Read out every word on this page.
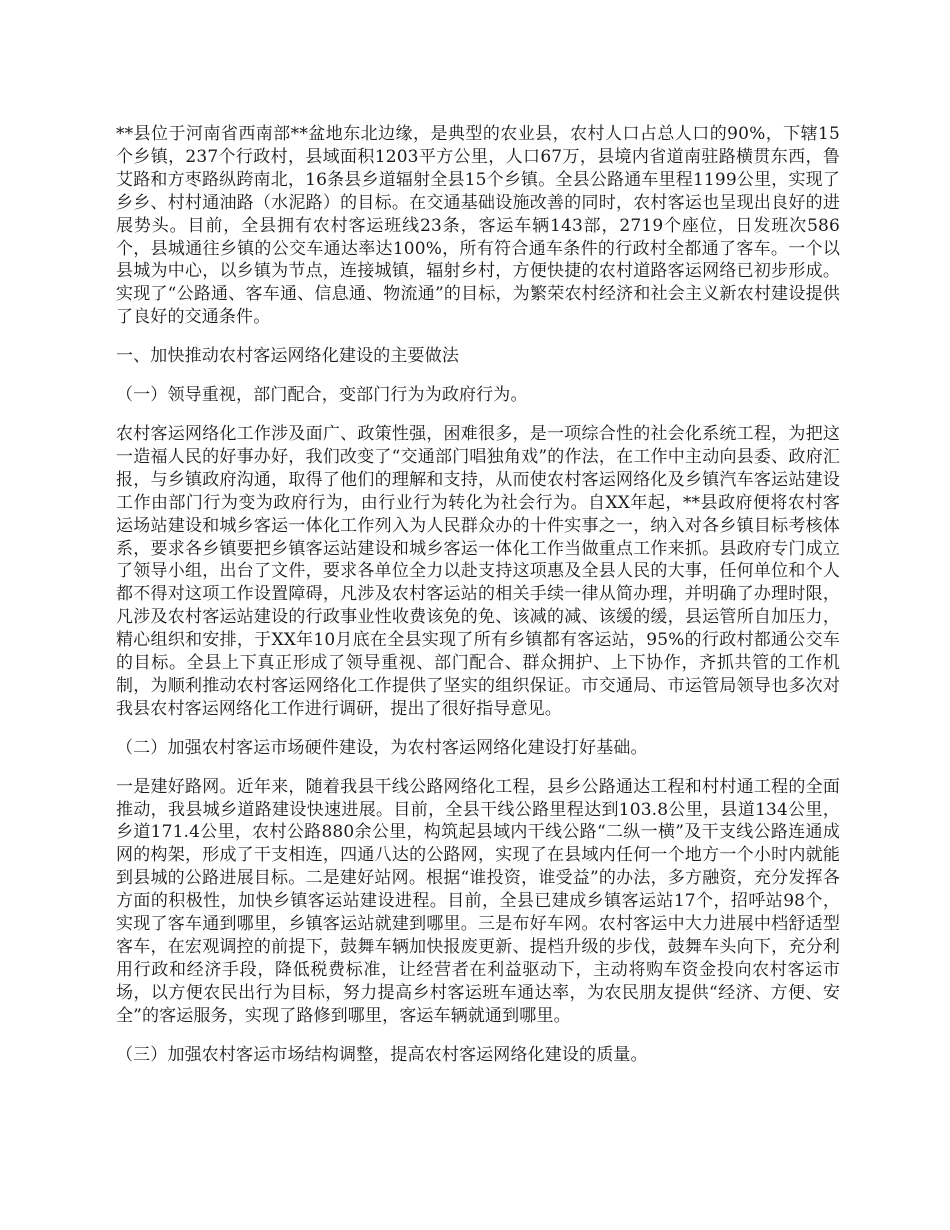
**县位于河南省西南部**盆地东北边缘，是典型的农业县，农村人口占总人口的90%，下辖15个乡镇，237个行政村，县域面积1203平方公里，人口67万，县境内省道南驻路横贯东西，鲁艾路和方枣路纵跨南北，16条县乡道辐射全县15个乡镇。全县公路通车里程1199公里，实现了乡乡、村村通油路（水泥路）的目标。在交通基础设施改善的同时，农村客运也呈现出良好的进展势头。目前，全县拥有农村客运班线23条，客运车辆143部，2719个座位，日发班次586个，县城通往乡镇的公交车通达率达100%，所有符合通车条件的行政村全都通了客车。一个以县城为中心，以乡镇为节点，连接城镇，辐射乡村，方便快捷的农村道路客运网络已初步形成。实现了“公路通、客车通、信息通、物流通”的目标，为繁荣农村经济和社会主义新农村建设提供了良好的交通条件。

一、加快推动农村客运网络化建设的主要做法

（一）领导重视，部门配合，变部门行为为政府行为。

农村客运网络化工作涉及面广、政策性强，困难很多，是一项综合性的社会化系统工程，为把这一造福人民的好事办好，我们改变了“交通部门唱独角戏”的作法，在工作中主动向县委、政府汇报，与乡镇政府沟通，取得了他们的理解和支持，从而使农村客运网络化及乡镇汽车客运站建设工作由部门行为变为政府行为，由行业行为转化为社会行为。自XX年起，**县政府便将农村客运场站建设和城乡客运一体化工作列入为人民群众办的十件实事之一，纳入对各乡镇目标考核体系，要求各乡镇要把乡镇客运站建设和城乡客运一体化工作当做重点工作来抓。县政府专门成立了领导小组，出台了文件，要求各单位全力以赴支持这项惠及全县人民的大事，任何单位和个人都不得对这项工作设置障碍，凡涉及农村客运站的相关手续一律从简办理，并明确了办理时限，凡涉及农村客运站建设的行政事业性收费该免的免、该减的减、该缓的缓，县运管所自加压力，精心组织和安排，于XX年10月底在全县实现了所有乡镇都有客运站，95%的行政村都通公交车的目标。全县上下真正形成了领导重视、部门配合、群众拥护、上下协作，齐抓共管的工作机制，为顺利推动农村客运网络化工作提供了坚实的组织保证。市交通局、市运管局领导也多次对我县农村客运网络化工作进行调研，提出了很好指导意见。

（二）加强农村客运市场硬件建设，为农村客运网络化建设打好基础。

一是建好路网。近年来，随着我县干线公路网络化工程，县乡公路通达工程和村村通工程的全面推动，我县城乡道路建设快速进展。目前，全县干线公路里程达到103.8公里，县道134公里，乡道171.4公里，农村公路880余公里，构筑起县域内干线公路“二纵一横”及干支线公路连通成网的构架，形成了干支相连，四通八达的公路网，实现了在县域内任何一个地方一个小时内就能到县城的公路进展目标。二是建好站网。根据“谁投资，谁受益”的办法，多方融资，充分发挥各方面的积极性，加快乡镇客运站建设进程。目前，全县已建成乡镇客运站17个，招呼站98个，实现了客车通到哪里，乡镇客运站就建到哪里。三是布好车网。农村客运中大力进展中档舒适型客车，在宏观调控的前提下，鼓舞车辆加快报废更新、提档升级的步伐，鼓舞车头向下，充分利用行政和经济手段，降低税费标准，让经营者在利益驱动下，主动将购车资金投向农村客运市场，以方便农民出行为目标，努力提高乡村客运班车通达率，为农民朋友提供“经济、方便、安全”的客运服务，实现了路修到哪里，客运车辆就通到哪里。

（三）加强农村客运市场结构调整，提高农村客运网络化建设的质量。
